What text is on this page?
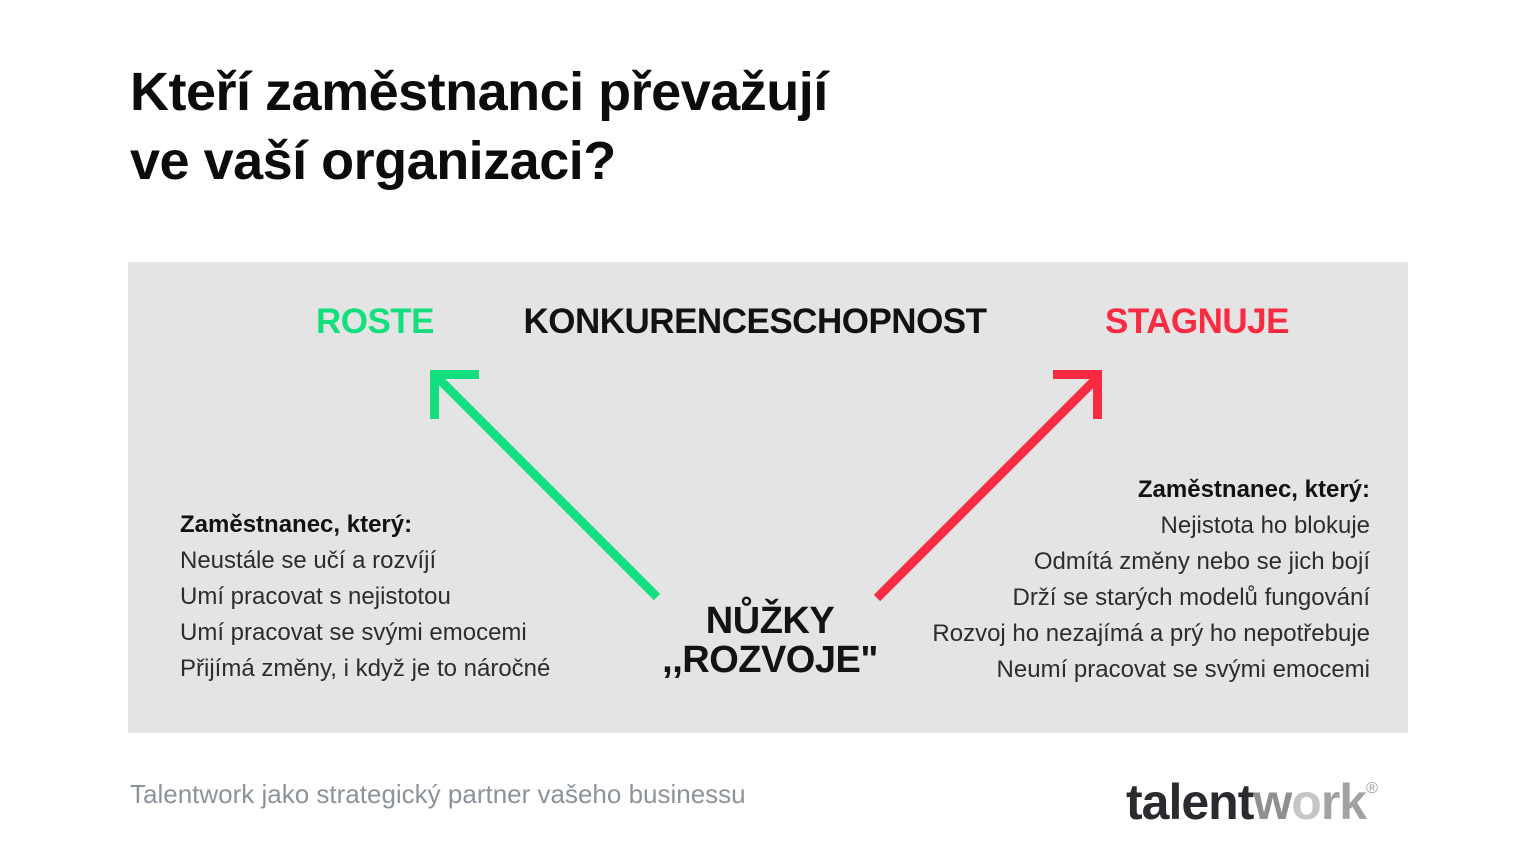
Kteří zaměstnanci převažují
ve vaší organizaci?
ROSTE	KONKURENCESCHOPNOST	STAGNUJE
NŮŽKY
,,ROZVOJE"
Zaměstnanec, který:
Neustále se učí a rozvíjí
Umí pracovat s nejistotou
Umí pracovat se svými emocemi
Přijímá změny, i když je to náročné
Zaměstnanec, který:
Nejistota ho blokuje
Odmítá změny nebo se jich bojí
Drží se starých modelů fungování
Rozvoj ho nezajímá a prý ho nepotřebuje
Neumí pracovat se svými emocemi
Talentwork jako strategický partner vašeho businessu	talentwork®
